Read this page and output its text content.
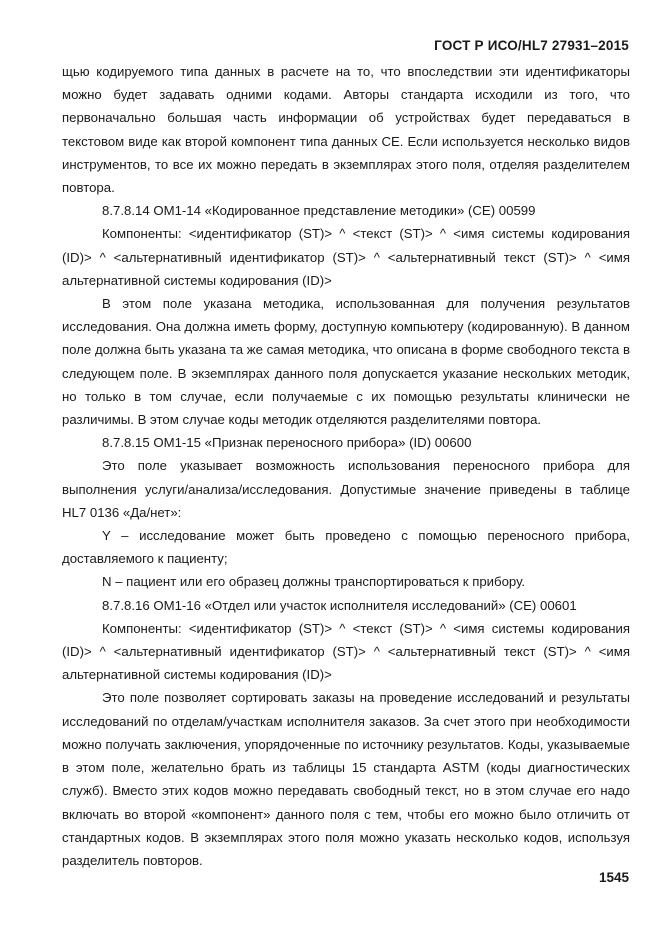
ГОСТ Р ИСО/HL7 27931–2015

щью кодируемого типа данных в расчете на то, что впоследствии эти идентификаторы можно будет задавать одними кодами. Авторы стандарта исходили из того, что первоначально большая часть информации об устройствах будет передаваться в текстовом виде как второй компонент типа данных CE. Если используется несколько видов инструментов, то все их можно передать в экземплярах этого поля, отделяя разделителем повтора.

8.7.8.14 OM1-14 «Кодированное представление методики» (CE) 00599

Компоненты: <идентификатор (ST)> ^ <текст (ST)> ^ <имя системы кодирования (ID)> ^ <альтернативный идентификатор (ST)> ^ <альтернативный текст (ST)> ^ <имя альтернативной системы кодирования (ID)>

В этом поле указана методика, использованная для получения результатов исследования. Она должна иметь форму, доступную компьютеру (кодированную). В данном поле должна быть указана та же самая методика, что описана в форме свободного текста в следующем поле. В экземплярах данного поля допускается указание нескольких методик, но только в том случае, если получаемые с их помощью результаты клинически не различимы. В этом случае коды методик отделяются разделителями повтора.

8.7.8.15 OM1-15 «Признак переносного прибора» (ID) 00600

Это поле указывает возможность использования переносного прибора для выполнения услуги/анализа/исследования. Допустимые значение приведены в таблице HL7 0136 «Да/нет»:

Y – исследование может быть проведено с помощью переносного прибора, доставляемого к пациенту;

N – пациент или его образец должны транспортироваться к прибору.

8.7.8.16 OM1-16 «Отдел или участок исполнителя исследований» (CE) 00601

Компоненты: <идентификатор (ST)> ^ <текст (ST)> ^ <имя системы кодирования (ID)> ^ <альтернативный идентификатор (ST)> ^ <альтернативный текст (ST)> ^ <имя альтернативной системы кодирования (ID)>

Это поле позволяет сортировать заказы на проведение исследований и результаты исследований по отделам/участкам исполнителя заказов. За счет этого при необходимости можно получать заключения, упорядоченные по источнику результатов. Коды, указываемые в этом поле, желательно брать из таблицы 15 стандарта ASTM (коды диагностических служб). Вместо этих кодов можно передавать свободный текст, но в этом случае его надо включать во второй «компонент» данного поля с тем, чтобы его можно было отличить от стандартных кодов. В экземплярах этого поля можно указать несколько кодов, используя разделитель повторов.

1545
